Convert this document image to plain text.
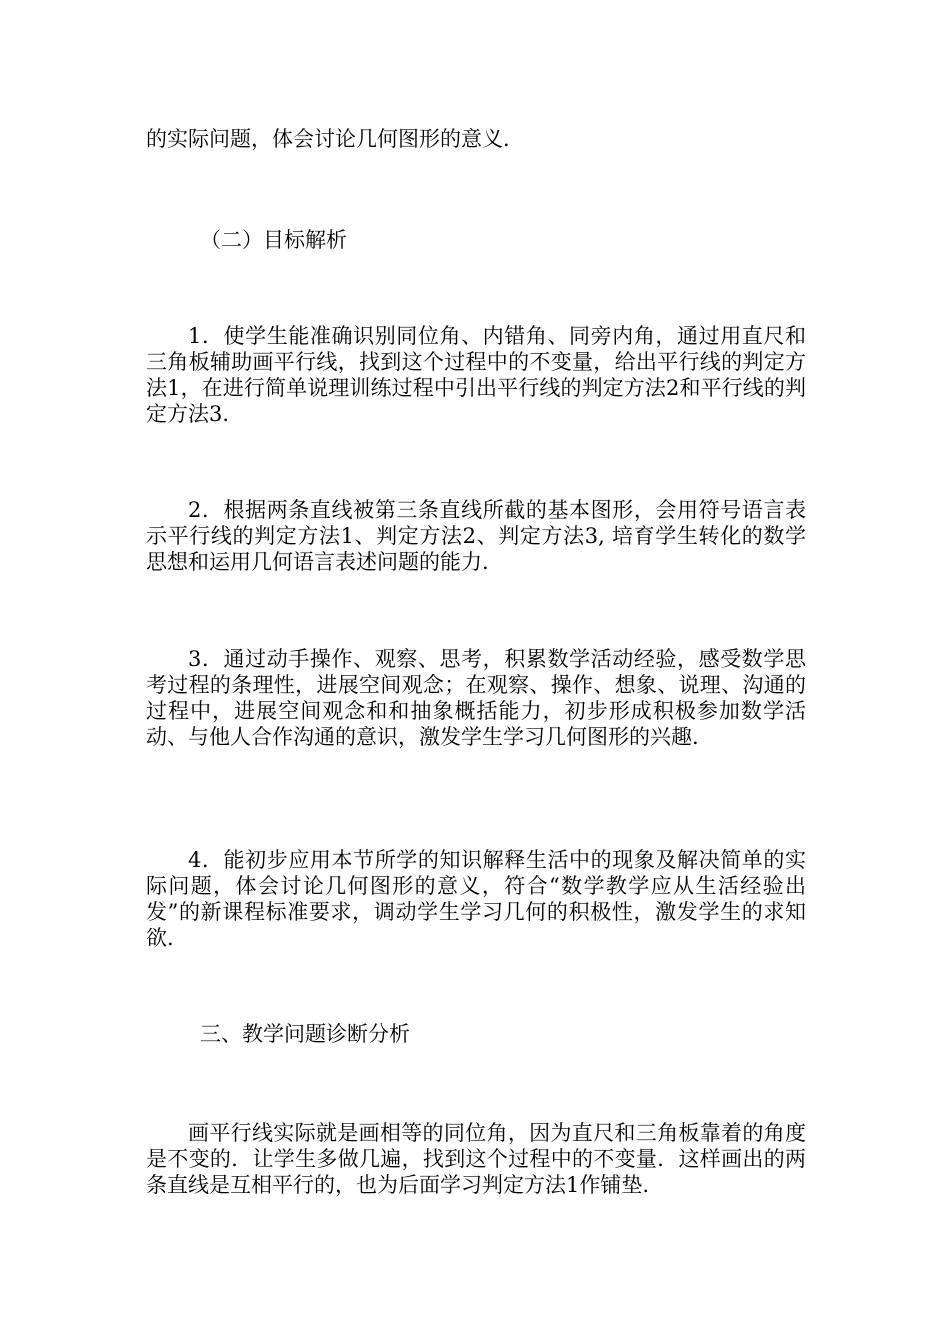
的实际问题，体会讨论几何图形的意义.

（二）目标解析

1．使学生能准确识别同位角、内错角、同旁内角，通过用直尺和三角板辅助画平行线，找到这个过程中的不变量，给出平行线的判定方法1，在进行简单说理训练过程中引出平行线的判定方法2和平行线的判定方法3.

2．根据两条直线被第三条直线所截的基本图形，会用符号语言表示平行线的判定方法1、判定方法2、判定方法3, 培育学生转化的数学思想和运用几何语言表述问题的能力.

3．通过动手操作、观察、思考，积累数学活动经验，感受数学思考过程的条理性，进展空间观念；在观察、操作、想象、说理、沟通的过程中，进展空间观念和和抽象概括能力，初步形成积极参加数学活动、与他人合作沟通的意识，激发学生学习几何图形的兴趣.

4．能初步应用本节所学的知识解释生活中的现象及解决简单的实际问题，体会讨论几何图形的意义，符合“数学教学应从生活经验出发”的新课程标准要求，调动学生学习几何的积极性，激发学生的求知欲.

三、教学问题诊断分析

画平行线实际就是画相等的同位角，因为直尺和三角板靠着的角度是不变的．让学生多做几遍，找到这个过程中的不变量．这样画出的两条直线是互相平行的，也为后面学习判定方法1作铺垫.
